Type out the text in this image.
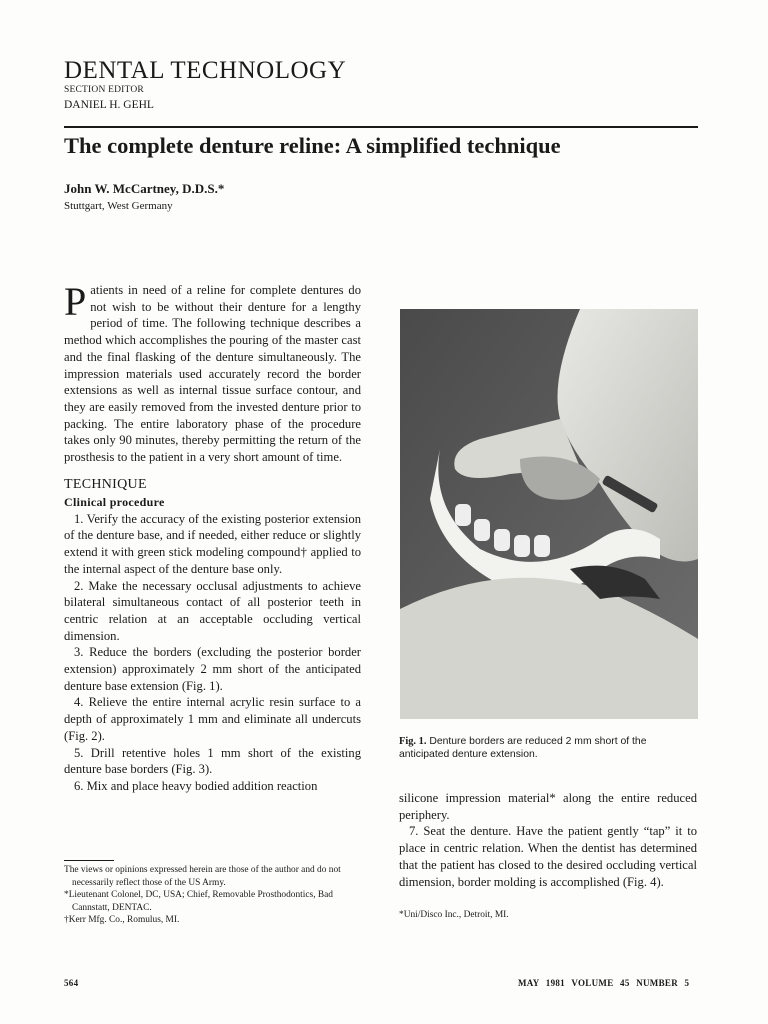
DENTAL TECHNOLOGY
SECTION EDITOR
DANIEL H. GEHL
The complete denture reline: A simplified technique
John W. McCartney, D.D.S.*
Stuttgart, West Germany

Patients in need of a reline for complete dentures do not wish to be without their denture for a lengthy period of time. The following technique describes a method which accomplishes the pouring of the master cast and the final flasking of the denture simultaneously. The impression materials used accurately record the border extensions as well as internal tissue surface contour, and they are easily removed from the invested denture prior to packing. The entire laboratory phase of the procedure takes only 90 minutes, thereby permitting the return of the prosthesis to the patient in a very short amount of time.

TECHNIQUE
Clinical procedure

1. Verify the accuracy of the existing posterior extension of the denture base, and if needed, either reduce or slightly extend it with green stick modeling compound† applied to the internal aspect of the denture base only.

2. Make the necessary occlusal adjustments to achieve bilateral simultaneous contact of all posterior teeth in centric relation at an acceptable occluding vertical dimension.

3. Reduce the borders (excluding the posterior border extension) approximately 2 mm short of the anticipated denture base extension (Fig. 1).

4. Relieve the entire internal acrylic resin surface to a depth of approximately 1 mm and eliminate all undercuts (Fig. 2).

5. Drill retentive holes 1 mm short of the existing denture base borders (Fig. 3).

6. Mix and place heavy bodied addition reaction

Fig. 1. Denture borders are reduced 2 mm short of the anticipated denture extension.

silicone impression material* along the entire reduced periphery.

7. Seat the denture. Have the patient gently “tap” it to place in centric relation. When the dentist has determined that the patient has closed to the desired occluding vertical dimension, border molding is accomplished (Fig. 4).

The views or opinions expressed herein are those of the author and do not necessarily reflect those of the US Army.
*Lieutenant Colonel, DC, USA; Chief, Removable Prosthodontics, Bad Cannstatt, DENTAC.
†Kerr Mfg. Co., Romulus, MI.
*Uni/Disco Inc., Detroit, MI.
564	MAY 1981 VOLUME 45 NUMBER 5
